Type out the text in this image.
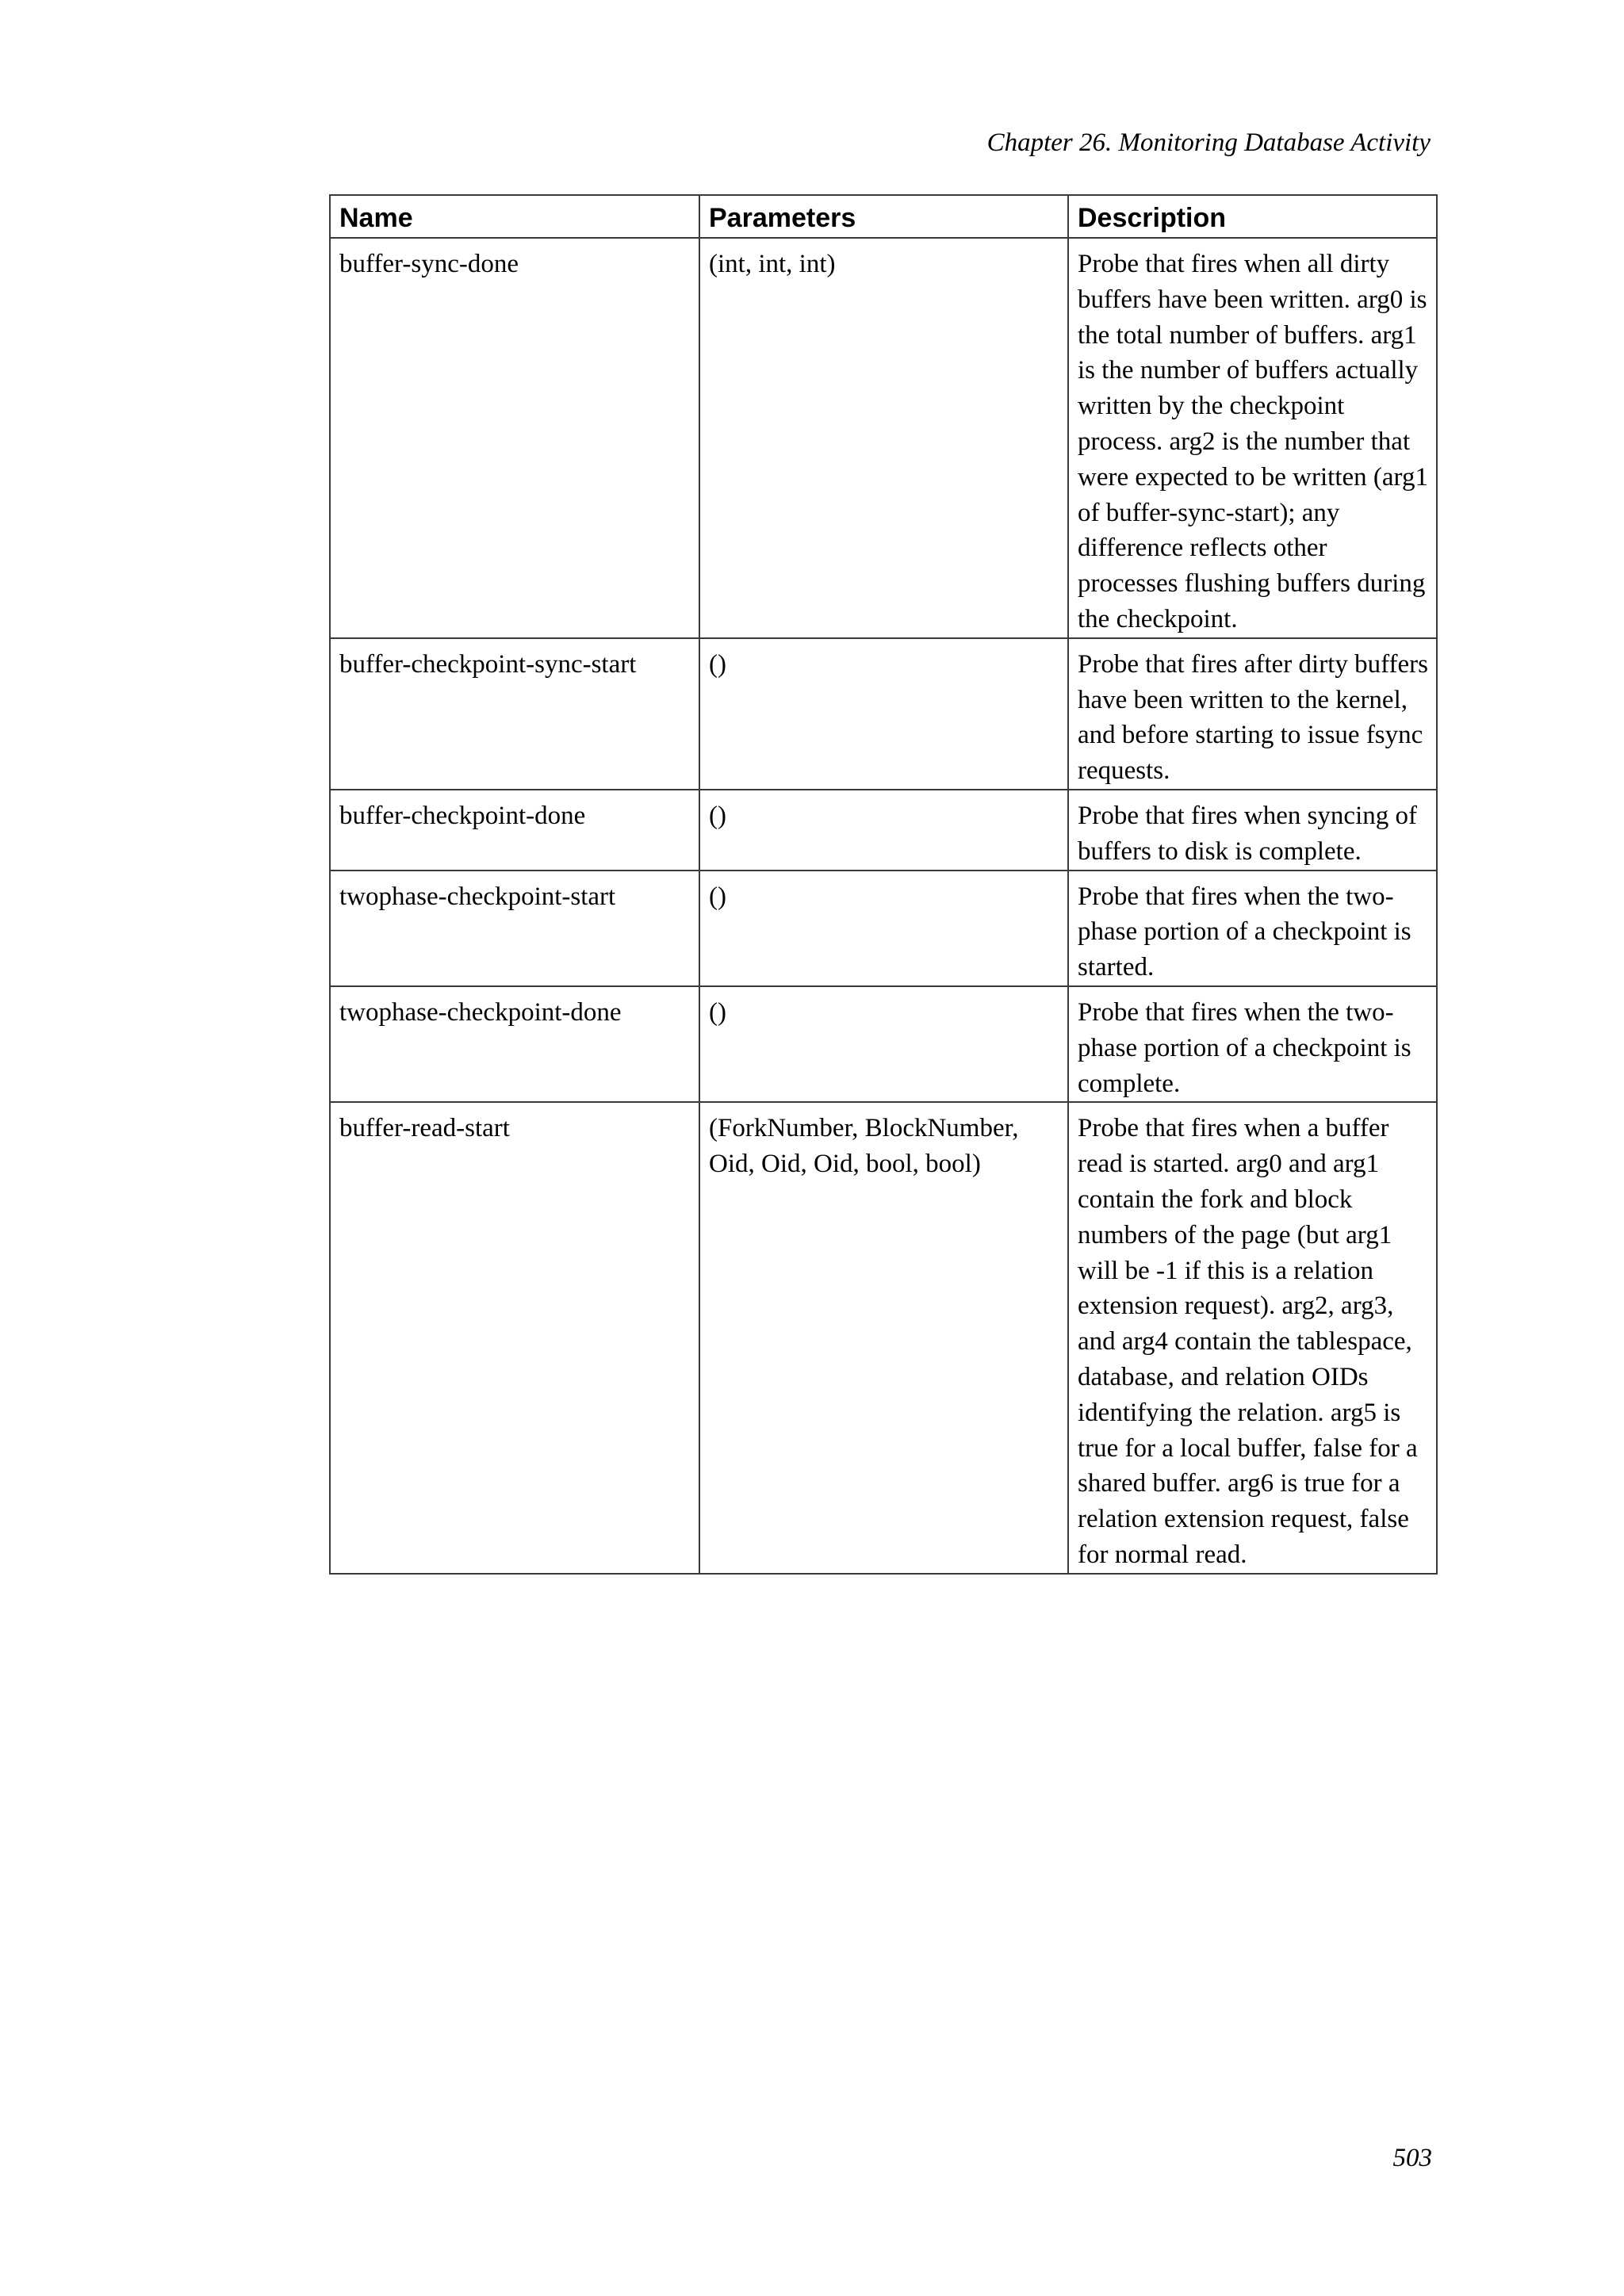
Chapter 26. Monitoring Database Activity
Name	Parameters	Description
buffer-sync-done	(int, int, int)	Probe that fires when all dirty buffers have been written. arg0 is the total number of buffers. arg1 is the number of buffers actually written by the checkpoint process. arg2 is the number that were expected to be written (arg1 of buffer-sync-start); any difference reflects other processes flushing buffers during the checkpoint.
buffer-checkpoint-sync-start	()	Probe that fires after dirty buffers have been written to the kernel, and before starting to issue fsync requests.
buffer-checkpoint-done	()	Probe that fires when syncing of buffers to disk is complete.
twophase-checkpoint-start	()	Probe that fires when the two-phase portion of a checkpoint is started.
twophase-checkpoint-done	()	Probe that fires when the two-phase portion of a checkpoint is complete.
buffer-read-start	(ForkNumber, BlockNumber, Oid, Oid, Oid, bool, bool)	Probe that fires when a buffer read is started. arg0 and arg1 contain the fork and block numbers of the page (but arg1 will be -1 if this is a relation extension request). arg2, arg3, and arg4 contain the tablespace, database, and relation OIDs identifying the relation. arg5 is true for a local buffer, false for a shared buffer. arg6 is true for a relation extension request, false for normal read.
503
